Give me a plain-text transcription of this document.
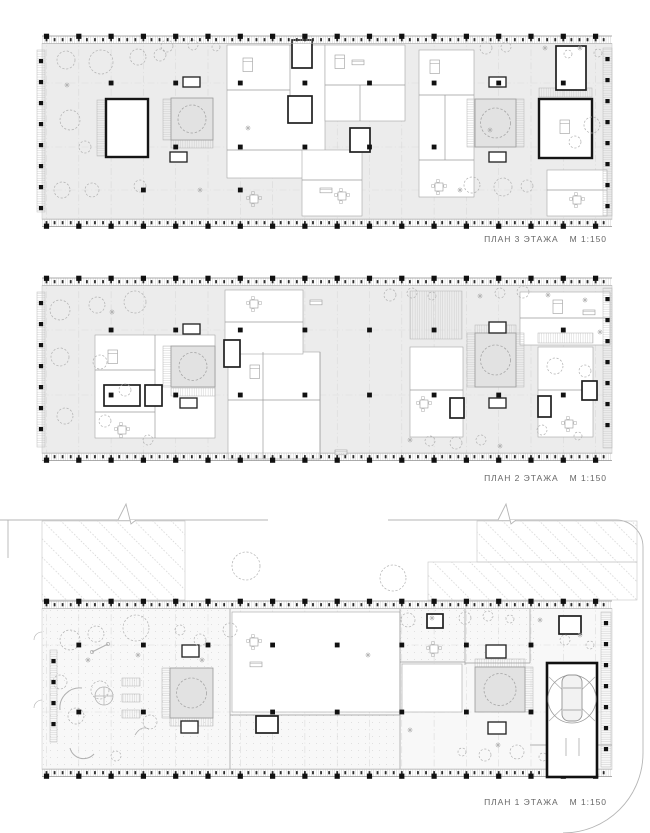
ПЛАН 3 ЭТАЖА М 1:150
ПЛАН 2 ЭТАЖА М 1:150
ПЛАН 1 ЭТАЖА М 1:150
